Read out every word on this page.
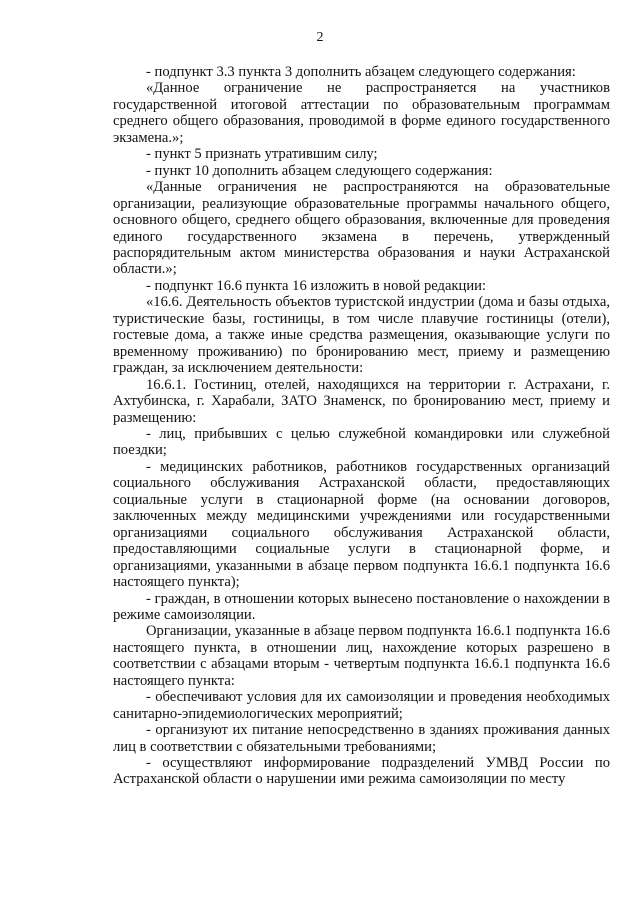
2

- подпункт 3.3 пункта 3 дополнить абзацем следующего содержания:

«Данное ограничение не распространяется на участников государственной итоговой аттестации по образовательным программам среднего общего образования, проводимой в форме единого государственного экзамена.»;

- пункт 5 признать утратившим силу;

- пункт 10 дополнить абзацем следующего содержания:

«Данные ограничения не распространяются на образовательные организации, реализующие образовательные программы начального общего, основного общего, среднего общего образования, включенные для проведения единого государственного экзамена в перечень, утвержденный распорядительным актом министерства образования и науки Астраханской области.»;

- подпункт 16.6 пункта 16 изложить в новой редакции:

«16.6. Деятельность объектов туристской индустрии (дома и базы отдыха, туристические базы, гостиницы, в том числе плавучие гостиницы (отели), гостевые дома, а также иные средства размещения, оказывающие услуги по временному проживанию) по бронированию мест, приему и размещению граждан, за исключением деятельности:

16.6.1. Гостиниц, отелей, находящихся на территории г. Астрахани, г. Ахтубинска, г. Харабали, ЗАТО Знаменск, по бронированию мест, приему и размещению:

- лиц, прибывших с целью служебной командировки или служебной поездки;

- медицинских работников, работников государственных организаций социального обслуживания Астраханской области, предоставляющих социальные услуги в стационарной форме (на основании договоров, заключенных между медицинскими учреждениями или государственными организациями социального обслуживания Астраханской области, предоставляющими социальные услуги в стационарной форме, и организациями, указанными в абзаце первом подпункта 16.6.1 подпункта 16.6 настоящего пункта);

- граждан, в отношении которых вынесено постановление о нахождении в режиме самоизоляции.

Организации, указанные в абзаце первом подпункта 16.6.1 подпункта 16.6 настоящего пункта, в отношении лиц, нахождение которых разрешено в соответствии с абзацами вторым - четвертым подпункта 16.6.1 подпункта 16.6 настоящего пункта:

- обеспечивают условия для их самоизоляции и проведения необходимых санитарно-эпидемиологических мероприятий;

- организуют их питание непосредственно в зданиях проживания данных лиц в соответствии с обязательными требованиями;

- осуществляют информирование подразделений УМВД России по Астраханской области о нарушении ими режима самоизоляции по месту
